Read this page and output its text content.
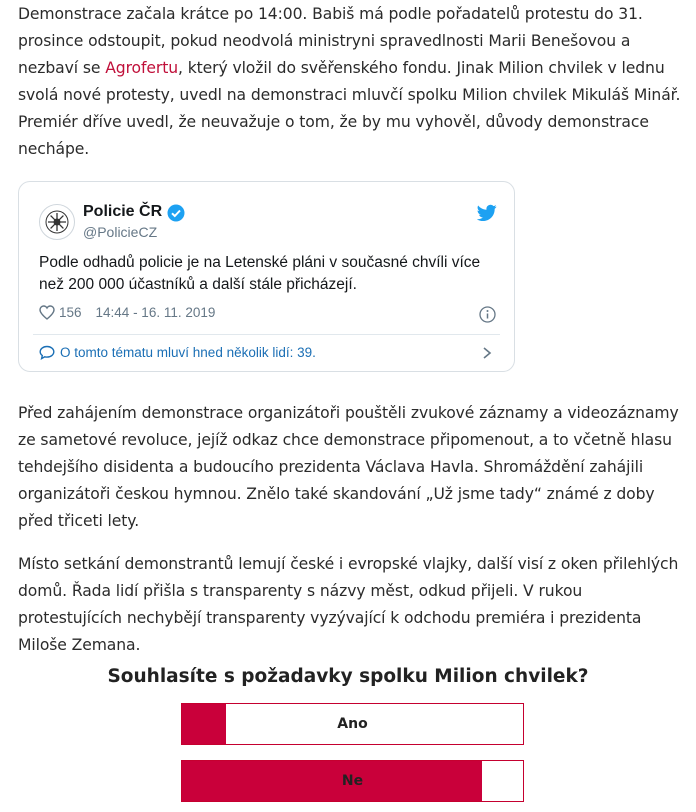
Demonstrace začala krátce po 14:00. Babiš má podle pořadatelů protestu do 31. prosince odstoupit, pokud neodvolá ministryni spravedlnosti Marii Benešovou a nezbaví se Agrofertu, který vložil do svěřenského fondu. Jinak Milion chvilek v lednu svolá nové protesty, uvedl na demonstraci mluvčí spolku Milion chvilek Mikuláš Minář. Premiér dříve uvedl, že neuvažuje o tom, že by mu vyhověl, důvody demonstrace nechápe.

Policie ČR
@PolicieCZ

Podle odhadů policie je na Letenské pláni v současné chvíli více než 200 000 účastníků a další stále přicházejí.

156 14:44 - 16. 11. 2019
O tomto tématu mluví hned několik lidí: 39.

Před zahájením demonstrace organizátoři pouštěli zvukové záznamy a videozáznamy ze sametové revoluce, jejíž odkaz chce demonstrace připomenout, a to včetně hlasu tehdejšího disidenta a budoucího prezidenta Václava Havla. Shromáždění zahájili organizátoři českou hymnou. Znělo také skandování „Už jsme tady“ známé z doby před třiceti lety.

Místo setkání demonstrantů lemují české i evropské vlajky, další visí z oken přilehlých domů. Řada lidí přišla s transparenty s názvy měst, odkud přijeli. V rukou protestujících nechybějí transparenty vyzývající k odchodu premiéra i prezidenta Miloše Zemana.

Souhlasíte s požadavky spolku Milion chvilek?
Ano
Ne
